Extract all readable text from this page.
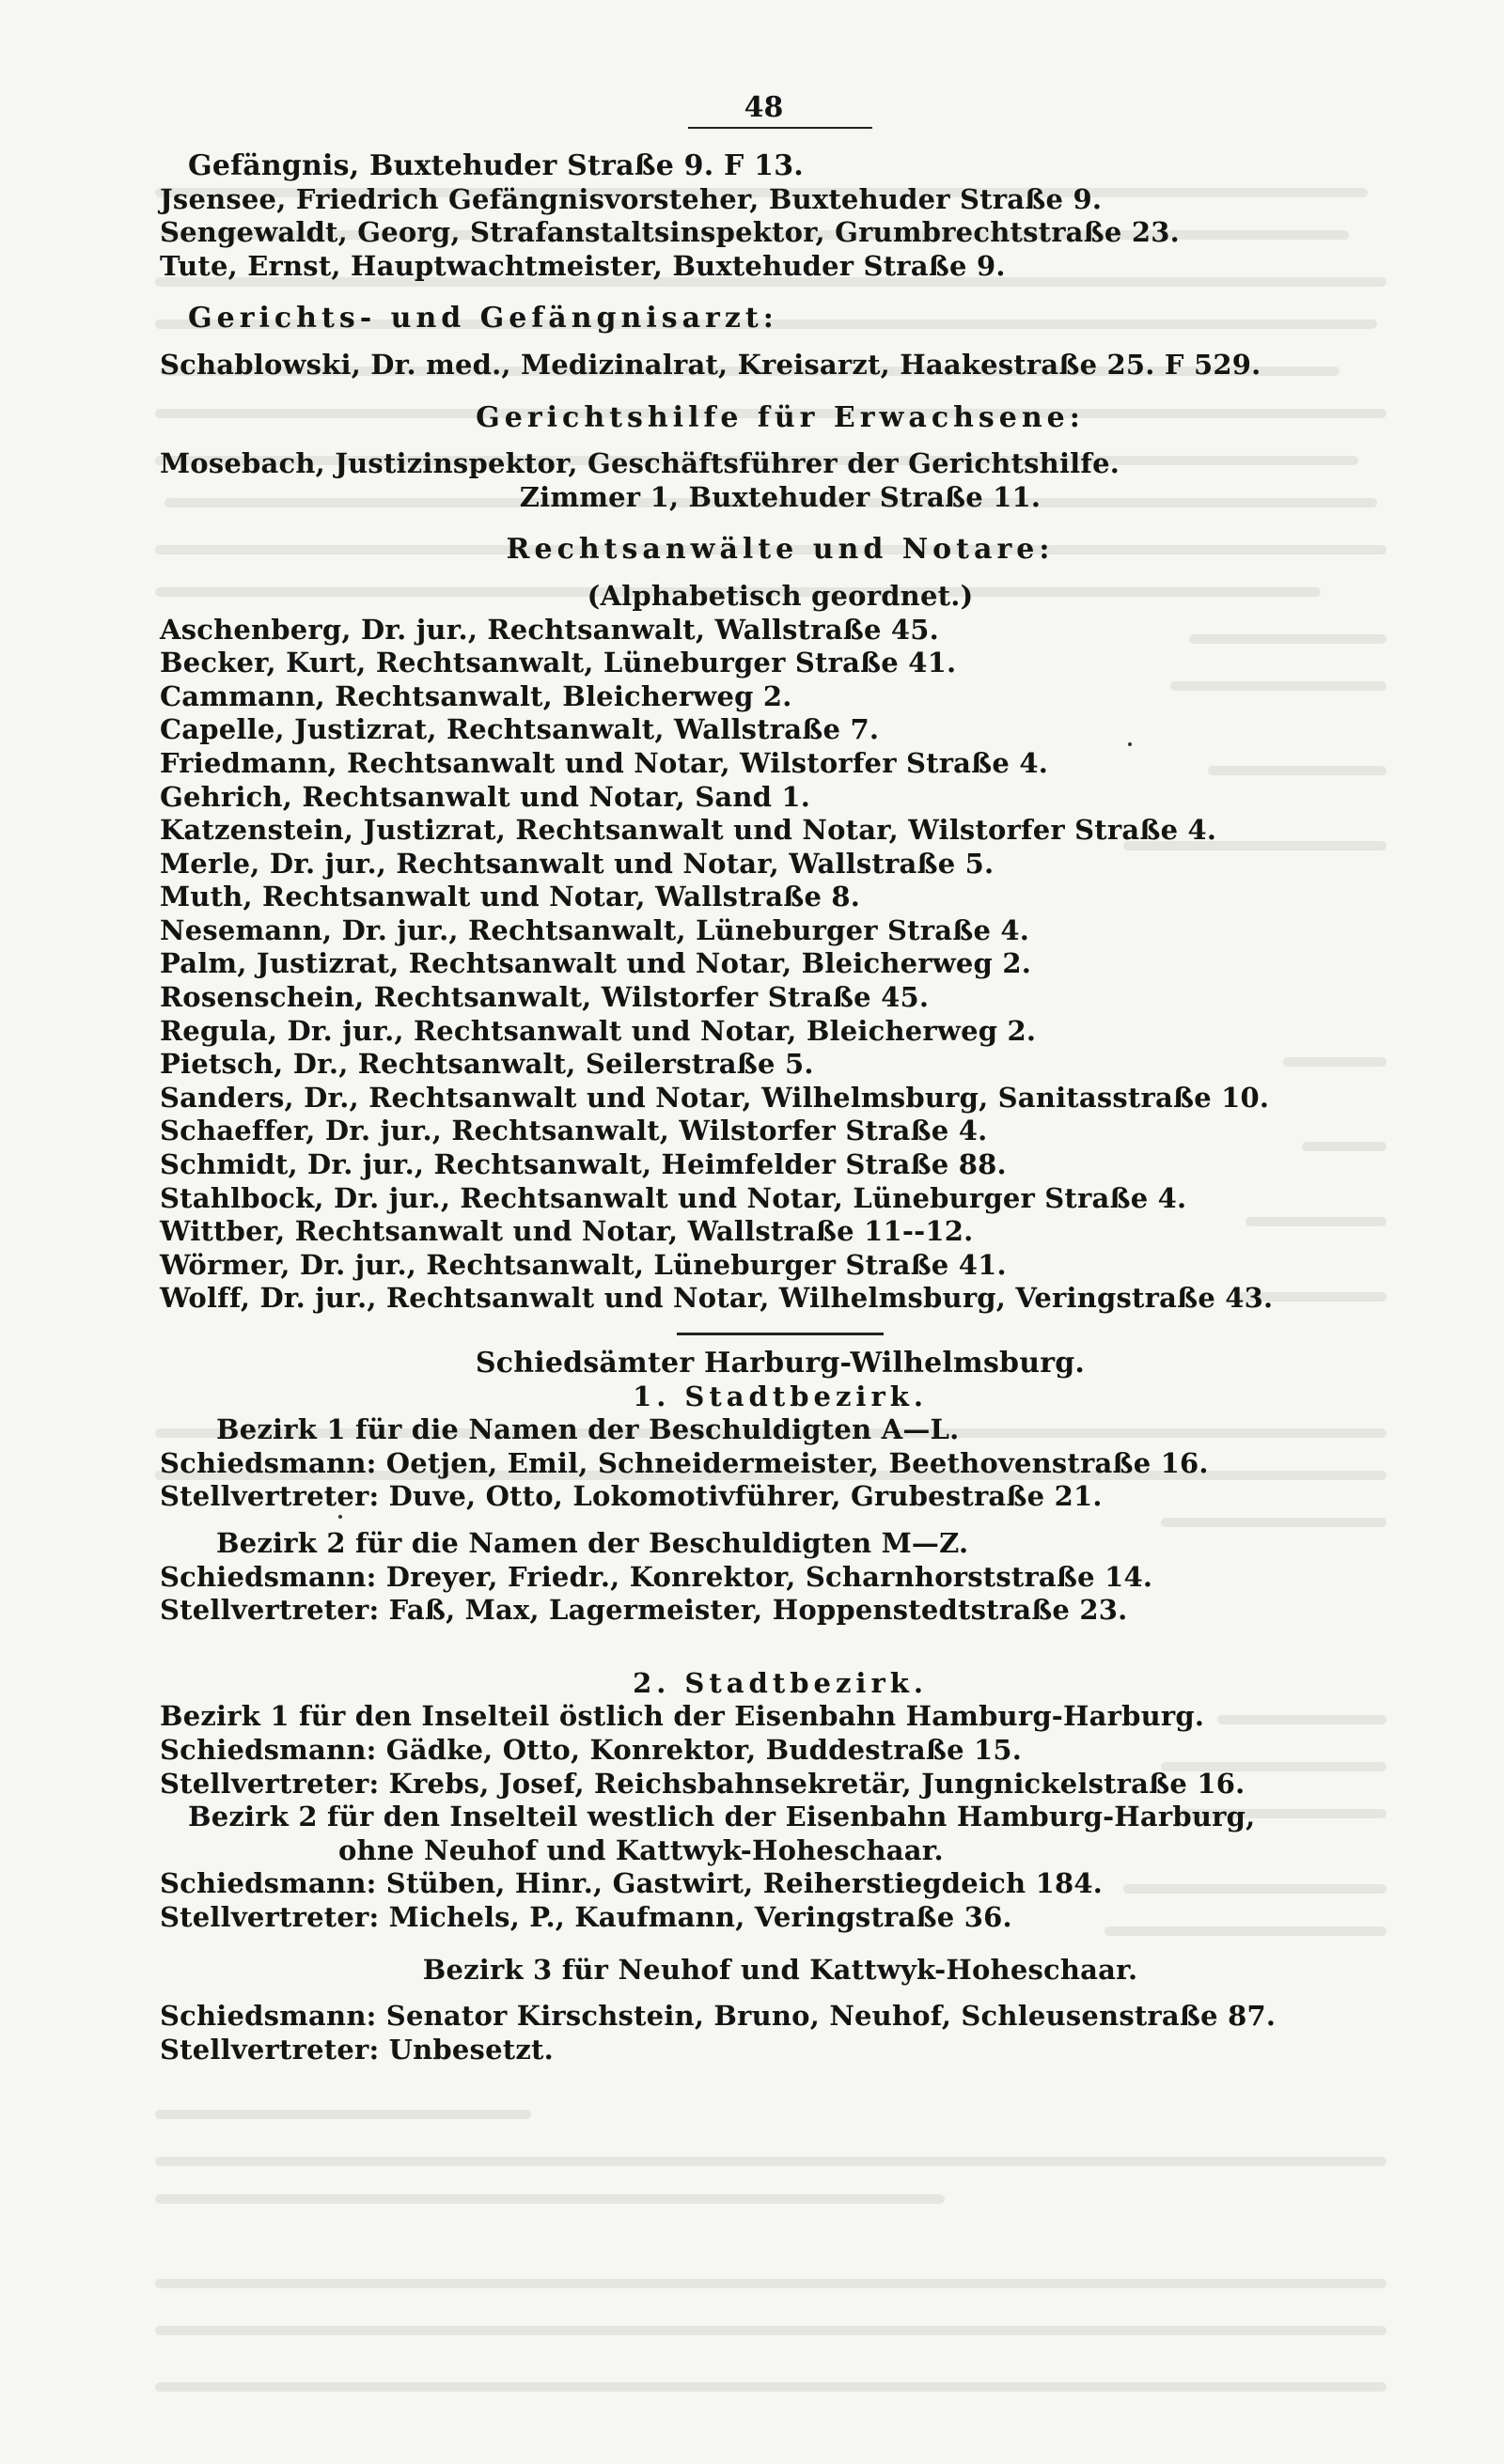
48
Gefängnis, Buxtehuder Straße 9. F 13.
Jsensee, Friedrich Gefängnisvorsteher, Buxtehuder Straße 9.
Sengewaldt, Georg, Strafanstaltsinspektor, Grumbrechtstraße 23.
Tute, Ernst, Hauptwachtmeister, Buxtehuder Straße 9.
Gerichts- und Gefängnisarzt:
Schablowski, Dr. med., Medizinalrat, Kreisarzt, Haakestraße 25. F 529.
Gerichtshilfe für Erwachsene:
Mosebach, Justizinspektor, Geschäftsführer der Gerichtshilfe.
Zimmer 1, Buxtehuder Straße 11.
Rechtsanwälte und Notare:
(Alphabetisch geordnet.)
Aschenberg, Dr. jur., Rechtsanwalt, Wallstraße 45.
Becker, Kurt, Rechtsanwalt, Lüneburger Straße 41.
Cammann, Rechtsanwalt, Bleicherweg 2.
Capelle, Justizrat, Rechtsanwalt, Wallstraße 7.
Friedmann, Rechtsanwalt und Notar, Wilstorfer Straße 4.
Gehrich, Rechtsanwalt und Notar, Sand 1.
Katzenstein, Justizrat, Rechtsanwalt und Notar, Wilstorfer Straße 4.
Merle, Dr. jur., Rechtsanwalt und Notar, Wallstraße 5.
Muth, Rechtsanwalt und Notar, Wallstraße 8.
Nesemann, Dr. jur., Rechtsanwalt, Lüneburger Straße 4.
Palm, Justizrat, Rechtsanwalt und Notar, Bleicherweg 2.
Rosenschein, Rechtsanwalt, Wilstorfer Straße 45.
Regula, Dr. jur., Rechtsanwalt und Notar, Bleicherweg 2.
Pietsch, Dr., Rechtsanwalt, Seilerstraße 5.
Sanders, Dr., Rechtsanwalt und Notar, Wilhelmsburg, Sanitasstraße 10.
Schaeffer, Dr. jur., Rechtsanwalt, Wilstorfer Straße 4.
Schmidt, Dr. jur., Rechtsanwalt, Heimfelder Straße 88.
Stahlbock, Dr. jur., Rechtsanwalt und Notar, Lüneburger Straße 4.
Wittber, Rechtsanwalt und Notar, Wallstraße 11--12.
Wörmer, Dr. jur., Rechtsanwalt, Lüneburger Straße 41.
Wolff, Dr. jur., Rechtsanwalt und Notar, Wilhelmsburg, Veringstraße 43.
Schiedsämter Harburg-Wilhelmsburg.
1. Stadtbezirk.
Bezirk 1 für die Namen der Beschuldigten A—L.
Schiedsmann: Oetjen, Emil, Schneidermeister, Beethovenstraße 16.
Stellvertreter: Duve, Otto, Lokomotivführer, Grubestraße 21.
Bezirk 2 für die Namen der Beschuldigten M—Z.
Schiedsmann: Dreyer, Friedr., Konrektor, Scharnhorststraße 14.
Stellvertreter: Faß, Max, Lagermeister, Hoppenstedtstraße 23.
2. Stadtbezirk.
Bezirk 1 für den Inselteil östlich der Eisenbahn Hamburg-Harburg.
Schiedsmann: Gädke, Otto, Konrektor, Buddestraße 15.
Stellvertreter: Krebs, Josef, Reichsbahnsekretär, Jungnickelstraße 16.
Bezirk 2 für den Inselteil westlich der Eisenbahn Hamburg-Harburg,
ohne Neuhof und Kattwyk-Hoheschaar.
Schiedsmann: Stüben, Hinr., Gastwirt, Reiherstiegdeich 184.
Stellvertreter: Michels, P., Kaufmann, Veringstraße 36.
Bezirk 3 für Neuhof und Kattwyk-Hoheschaar.
Schiedsmann: Senator Kirschstein, Bruno, Neuhof, Schleusenstraße 87.
Stellvertreter: Unbesetzt.
